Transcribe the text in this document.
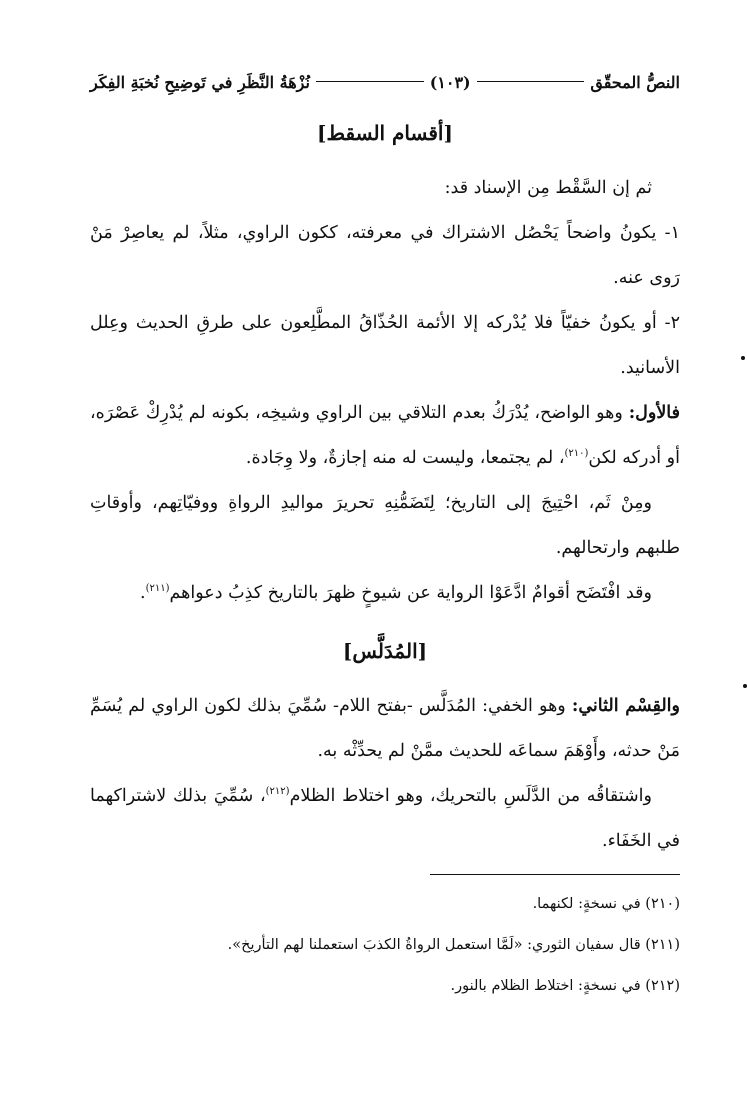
النصُّ المحقّق
(١٠٣)
نُزْهَةُ النَّظَرِ في تَوضِيحِ نُخبَةِ الفِكَر
[أقسام السقط]

ثم إن السَّقْط مِن الإسناد قد:

١- يكونُ واضحاً يَحْصُل الاشتراك في معرفته، ككون الراوي، مثلاً، لم يعاصِرْ مَنْ رَوى عنه.

٢- أو يكونُ خفيّاً فلا يُدْركه إلا الأئمة الحُذّاقُ المطَّلِعون على طرقِ الحديث وعِلل الأسانيد.

فالأول: وهو الواضح، يُدْرَكُ بعدم التلاقي بين الراوي وشيخِه، بكونه لم يُدْرِكْ عَصْرَه، أو أدركه لكن$^{(٢١٠)}$، لم يجتمعا، وليست له منه إجازةٌ، ولا وِجَادة.

ومِنْ ثَم، احْتِيجَ إلى التاريخ؛ لِتَضَمُّنِهِ تحريرَ مواليدِ الرواةِ ووفيّاتِهم، وأوقاتِ طلبهم وارتحالهم.

وقد افْتَضَح أقوامٌ ادَّعَوْا الرواية عن شيوخٍ ظهرَ بالتاريخ كذِبُ دعواهم$^{(٢١١)}$.

[المُدَلَّس]

والقِسْم الثاني: وهو الخفي: المُدَلَّس -بفتح اللام- سُمِّيَ بذلك لكون الراوي لم يُسَمِّ مَنْ حدثه، وأَوْهَمَ سماعَه للحديث ممَّنْ لم يحدِّثْه به.

واشتقاقُه من الدَّلَسِ بالتحريك، وهو اختلاط الظلام$^{(٢١٢)}$، سُمِّيَ بذلك لاشتراكهما في الخَفَاء.

(٢١٠) في نسخةٍ: لكنهما.

(٢١١) قال سفيان الثوري: «لَمَّا استعمل الرواةُ الكذبَ استعملنا لهم التأريخ».

(٢١٢) في نسخةٍ: اختلاط الظلام بالنور.
